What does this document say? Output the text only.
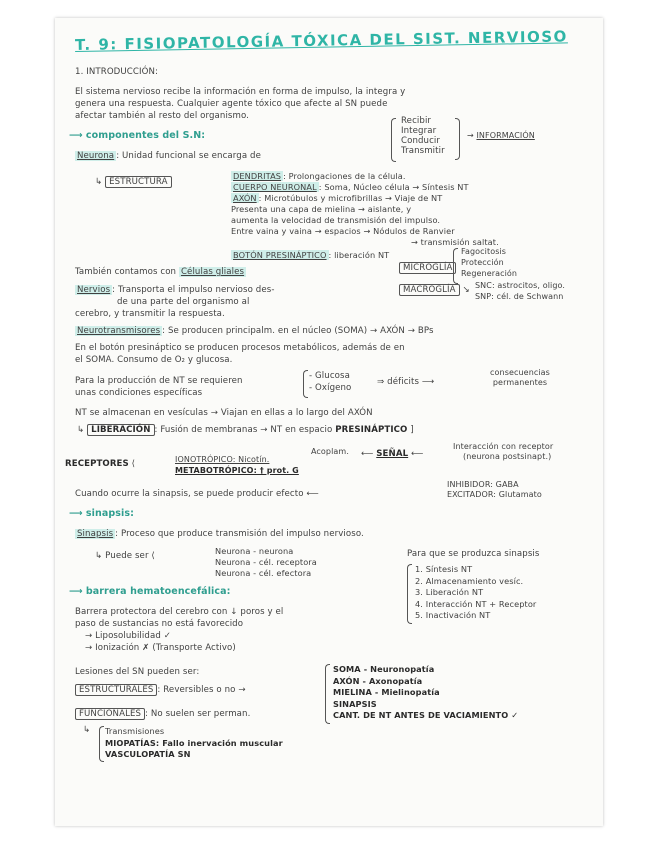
T. 9: FISIOPATOLOGÍA TÓXICA DEL SIST. NERVIOSO
1. INTRODUCCIÓN:
El sistema nervioso recibe la información en forma de impulso, la integra y
genera una respuesta. Cualquier agente tóxico que afecte al SN puede
afectar también al resto del organismo.
⟶ componentes del S.N:
Neurona : Unidad funcional se encarga de
Recibir
Integrar
Conducir
Transmitir
→ INFORMACIÓN
↳ ESTRUCTURA
DENDRITAS : Prolongaciones de la célula.
CUERPO NEURONAL : Soma, Núcleo célula → Síntesis NT
AXÓN : Microtúbulos y microfibrillas → Viaje de NT
Presenta una capa de mielina → aislante, y
aumenta la velocidad de transmisión del impulso.
Entre vaina y vaina → espacios → Nódulos de Ranvier
→ transmisión saltat.
BOTÓN PRESINÁPTICO : liberación NT
También contamos con Células gliales	MICROGLÍA
Fagocitosis
Protección
Regeneración
MACROGLÍA ↘ SNC: astrocitos, oligo.
SNP: cél. de Schwann
Nervios : Transporta el impulso nervioso des-
de una parte del organismo al
cerebro, y transmitir la respuesta.
Neurotransmisores : Se producen principalm. en el núcleo (SOMA) → AXÓN → BPs
En el botón presináptico se producen procesos metabólicos, además de en
el SOMA. Consumo de O₂ y glucosa.
Para la producción de NT se requieren
unas condiciones específicas
- Glucosa
- Oxígeno
⇒ déficits ⟶
consecuencias permanentes
NT se almacenan en vesículas → Viajan en ellas a lo largo del AXÓN
↳ LIBERACIÓN : Fusión de membranas → NT en espacio PRESINÁPTICO ]
RECEPTORES ⟨	IONOTRÓPICO: Nicotín.
METABOTRÓPICO: † prot. G
Acoplam. ⟵ SEÑAL ⟵
Interacción con receptor
(neurona postsinapt.)
Cuando ocurre la sinapsis, se puede producir efecto ⟵
INHIBIDOR: GABA
EXCITADOR: Glutamato
⟶ sinapsis:
Sinapsis : Proceso que produce transmisión del impulso nervioso.
↳ Puede ser ⟨	Neurona - neurona
Neurona - cél. receptora
Neurona - cél. efectora
Para que se produzca sinapsis
1. Síntesis NT
2. Almacenamiento vesíc.
3. Liberación NT
4. Interacción NT + Receptor
5. Inactivación NT
⟶ barrera hematoencefálica:
Barrera protectora del cerebro con ↓ poros y el
paso de sustancias no está favorecido
→ Liposolubilidad ✓
→ Ionización ✗ (Transporte Activo)
Lesiones del SN pueden ser:
ESTRUCTURALES : Reversibles o no →
FUNCIONALES : No suelen ser perman.
SOMA - Neuronopatía
AXÓN - Axonopatía
MIELINA - Mielinopatía
SINAPSIS
CANT. DE NT ANTES DE VACIAMIENTO ✓
↳ Transmisiones
MIOPATÍAS: Fallo inervación muscular
VASCULOPATÍA SN
